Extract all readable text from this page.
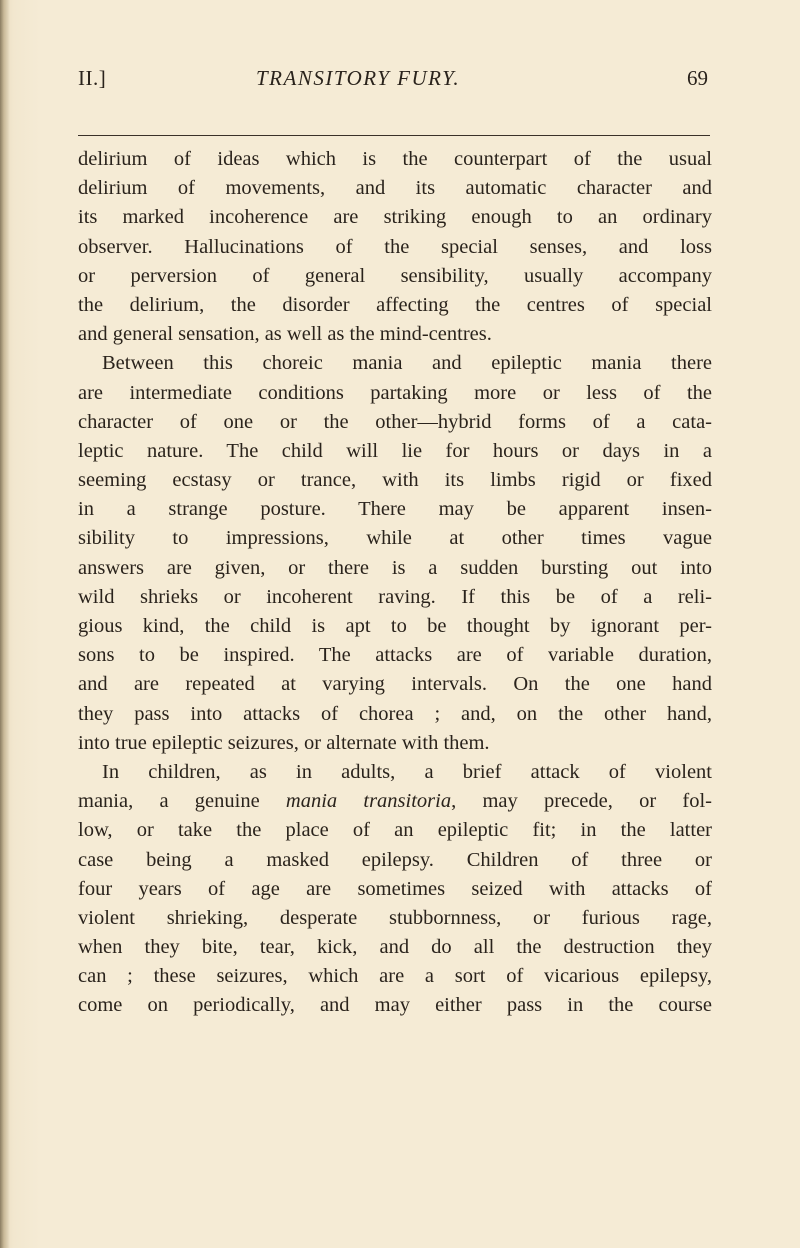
II.]	TRANSITORY FURY.	69
delirium of ideas which is the counterpart of the usual
delirium of movements, and its automatic character and
its marked incoherence are striking enough to an ordinary
observer. Hallucinations of the special senses, and loss
or perversion of general sensibility, usually accompany
the delirium, the disorder affecting the centres of special
and general sensation, as well as the mind-centres.
Between this choreic mania and epileptic mania there
are intermediate conditions partaking more or less of the
character of one or the other—hybrid forms of a cata-
leptic nature. The child will lie for hours or days in a
seeming ecstasy or trance, with its limbs rigid or fixed
in a strange posture. There may be apparent insen-
sibility to impressions, while at other times vague
answers are given, or there is a sudden bursting out into
wild shrieks or incoherent raving. If this be of a reli-
gious kind, the child is apt to be thought by ignorant per-
sons to be inspired. The attacks are of variable duration,
and are repeated at varying intervals. On the one hand
they pass into attacks of chorea ; and, on the other hand,
into true epileptic seizures, or alternate with them.
In children, as in adults, a brief attack of violent
mania, a genuine mania transitoria, may precede, or fol-
low, or take the place of an epileptic fit; in the latter
case being a masked epilepsy. Children of three or
four years of age are sometimes seized with attacks of
violent shrieking, desperate stubbornness, or furious rage,
when they bite, tear, kick, and do all the destruction they
can ; these seizures, which are a sort of vicarious epilepsy,
come on periodically, and may either pass in the course
